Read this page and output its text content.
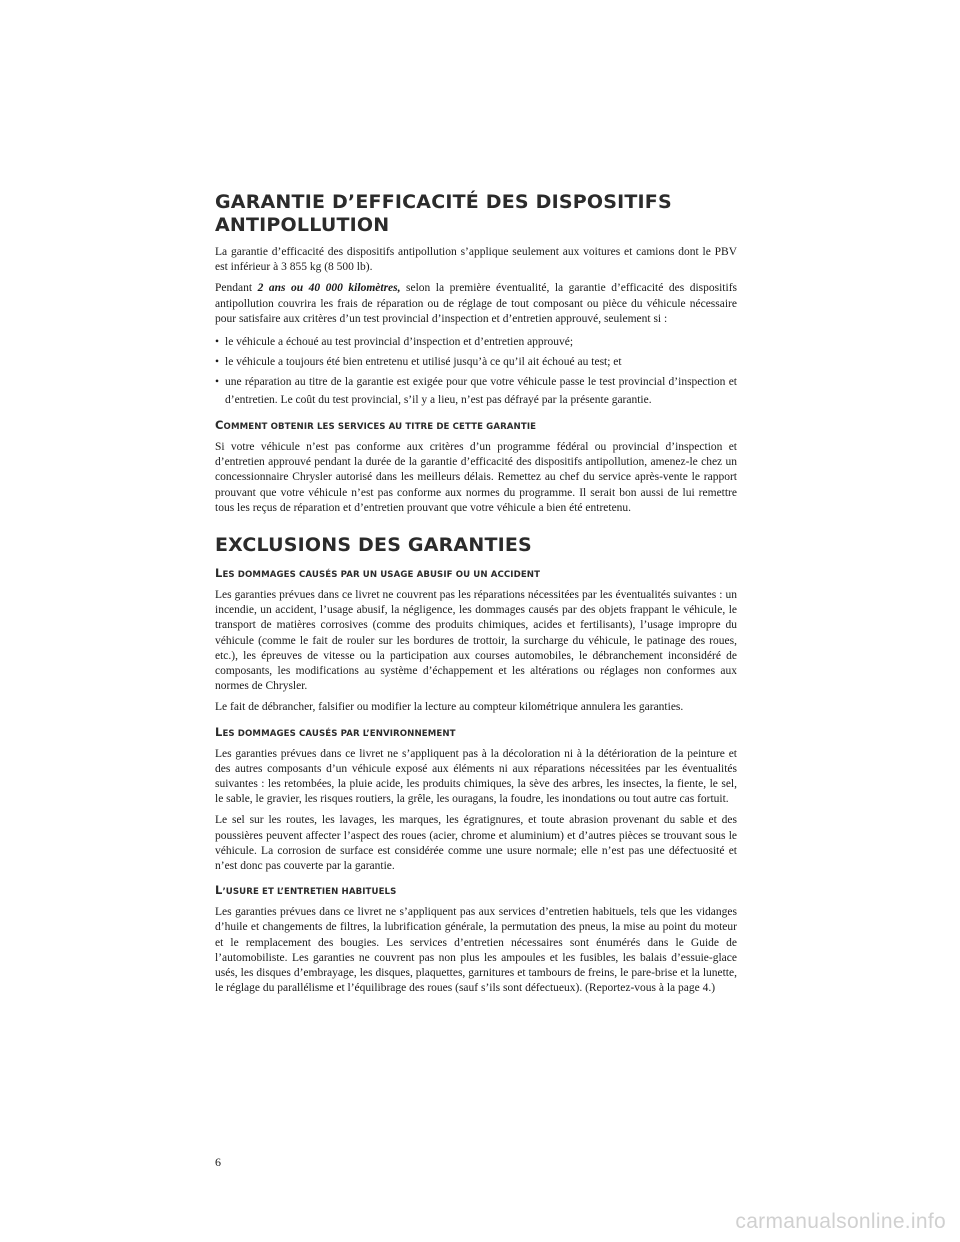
GARANTIE D’EFFICACITÉ DES DISPOSITIFS
ANTIPOLLUTION

La garantie d’efficacité des dispositifs antipollution s’applique seulement aux voitures et camions dont le PBV est inférieur à 3 855 kg (8 500 lb).

Pendant 2 ans ou 40 000 kilomètres, selon la première éventualité, la garantie d’efficacité des dispositifs antipollution couvrira les frais de réparation ou de réglage de tout composant ou pièce du véhicule nécessaire pour satisfaire aux critères d’un test provincial d’inspection et d’entretien approuvé, seulement si :

• le véhicule a échoué au test provincial d’inspection et d’entretien approuvé;
• le véhicule a toujours été bien entretenu et utilisé jusqu’à ce qu’il ait échoué au test; et
• une réparation au titre de la garantie est exigée pour que votre véhicule passe le test provincial d’inspection et d’entretien. Le coût du test provincial, s’il y a lieu, n’est pas défrayé par la présente garantie.
COMMENT OBTENIR LES SERVICES AU TITRE DE CETTE GARANTIE

Si votre véhicule n’est pas conforme aux critères d’un programme fédéral ou provincial d’inspection et d’entretien approuvé pendant la durée de la garantie d’efficacité des dispositifs antipollution, amenez-le chez un concessionnaire Chrysler autorisé dans les meilleurs délais. Remettez au chef du service après-vente le rapport prouvant que votre véhicule n’est pas conforme aux normes du programme. Il serait bon aussi de lui remettre tous les reçus de réparation et d’entretien prouvant que votre véhicule a bien été entretenu.

EXCLUSIONS DES GARANTIES
LES DOMMAGES CAUSÉS PAR UN USAGE ABUSIF OU UN ACCIDENT

Les garanties prévues dans ce livret ne couvrent pas les réparations nécessitées par les éventualités suivantes : un incendie, un accident, l’usage abusif, la négligence, les dommages causés par des objets frappant le véhicule, le transport de matières corrosives (comme des produits chimiques, acides et fertilisants), l’usage impropre du véhicule (comme le fait de rouler sur les bordures de trottoir, la surcharge du véhicule, le patinage des roues, etc.), les épreuves de vitesse ou la participation aux courses automobiles, le débranchement inconsidéré de composants, les modifications au système d’échappement et les altérations ou réglages non conformes aux normes de Chrysler.

Le fait de débrancher, falsifier ou modifier la lecture au compteur kilométrique annulera les garanties.

LES DOMMAGES CAUSÉS PAR L’ENVIRONNEMENT

Les garanties prévues dans ce livret ne s’appliquent pas à la décoloration ni à la détérioration de la peinture et des autres composants d’un véhicule exposé aux éléments ni aux réparations nécessitées par les éventualités suivantes : les retombées, la pluie acide, les produits chimiques, la sève des arbres, les insectes, la fiente, le sel, le sable, le gravier, les risques routiers, la grêle, les ouragans, la foudre, les inondations ou tout autre cas fortuit.

Le sel sur les routes, les lavages, les marques, les égratignures, et toute abrasion provenant du sable et des poussières peuvent affecter l’aspect des roues (acier, chrome et aluminium) et d’autres pièces se trouvant sous le véhicule. La corrosion de surface est considérée comme une usure normale; elle n’est pas une défectuosité et n’est donc pas couverte par la garantie.

L’USURE ET L’ENTRETIEN HABITUELS

Les garanties prévues dans ce livret ne s’appliquent pas aux services d’entretien habituels, tels que les vidanges d’huile et changements de filtres, la lubrification générale, la permutation des pneus, la mise au point du moteur et le remplacement des bougies. Les services d’entretien nécessaires sont énumérés dans le Guide de l’automobiliste. Les garanties ne couvrent pas non plus les ampoules et les fusibles, les balais d’essuie-glace usés, les disques d’embrayage, les disques, plaquettes, garnitures et tambours de freins, le pare-brise et la lunette, le réglage du parallélisme et l’équilibrage des roues (sauf s’ils sont défectueux). (Reportez-vous à la page 4.)

6
carmanualsonline.info
